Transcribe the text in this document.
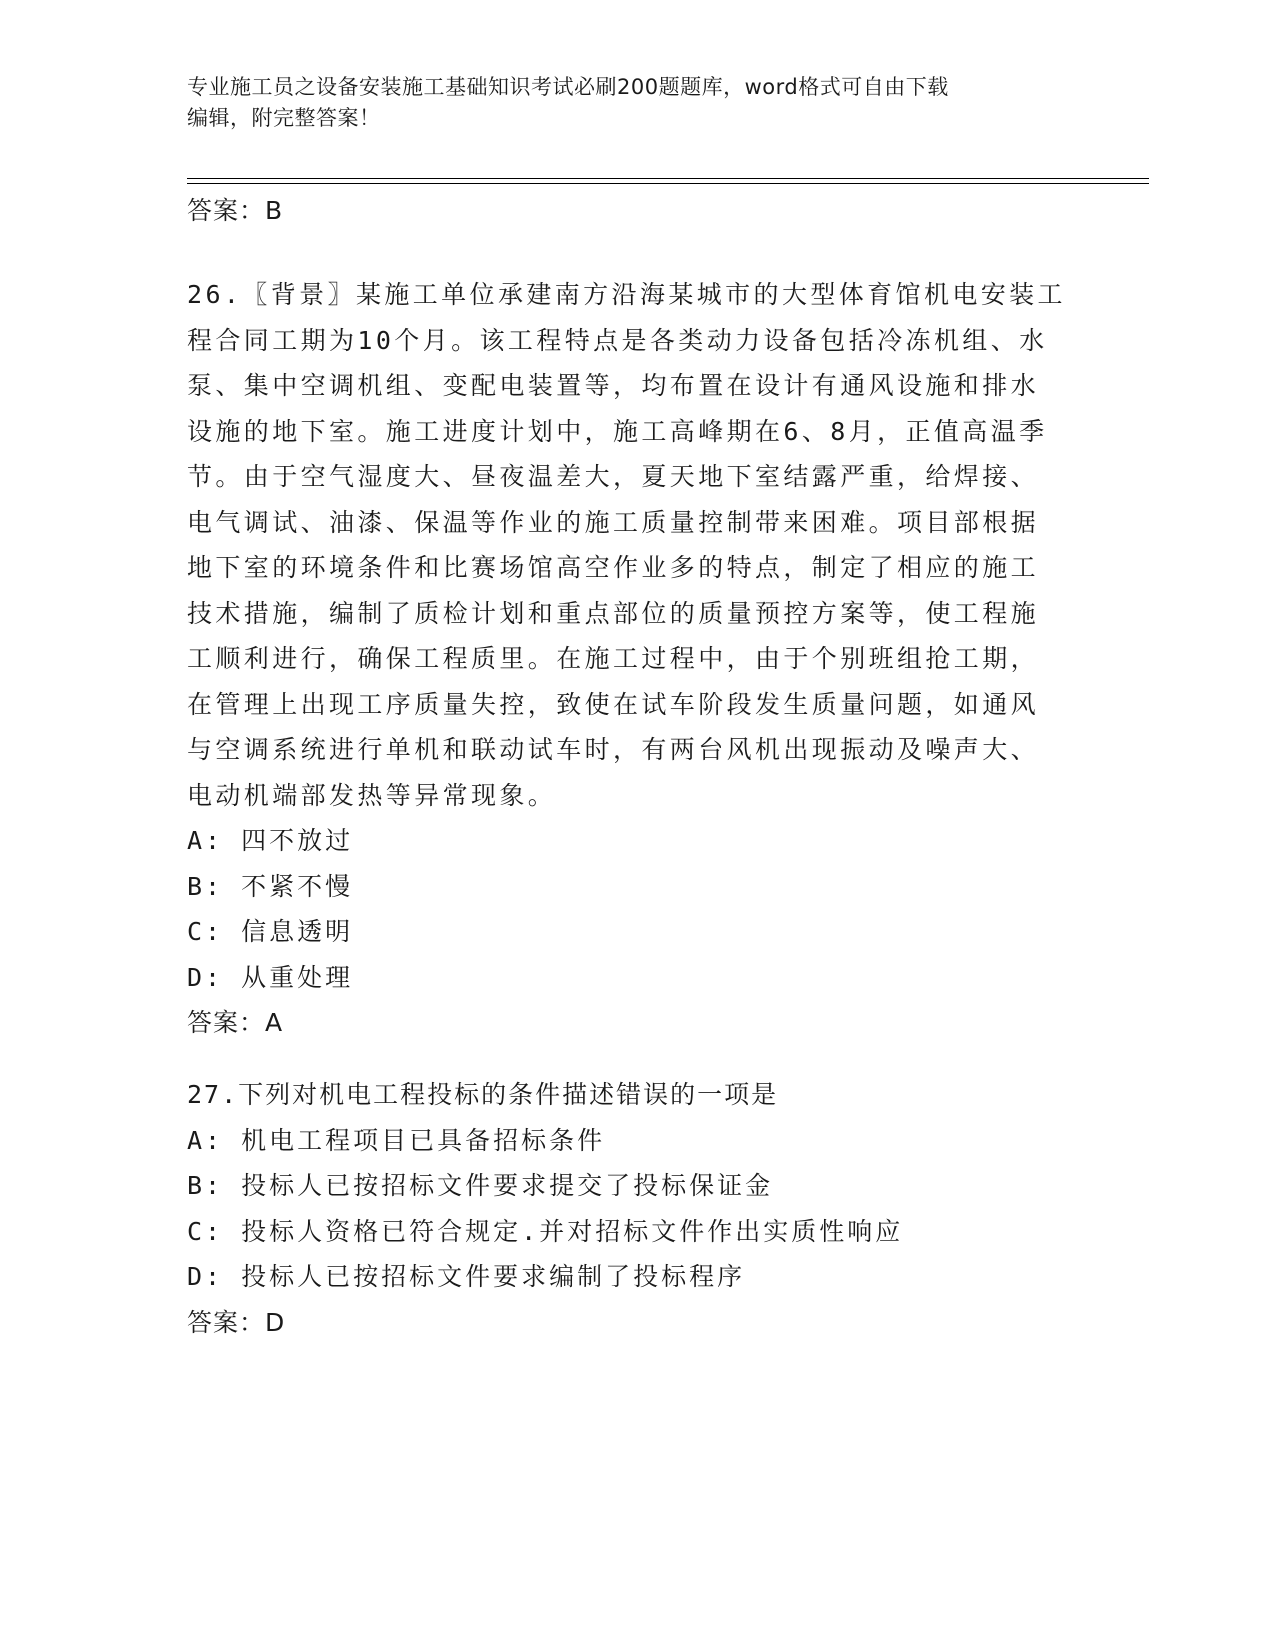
专业施工员之设备安装施工基础知识考试必刷200题题库，word格式可自由下载
编辑，附完整答案！
答案：B
26.〖背景〗某施工单位承建南方沿海某城市的大型体育馆机电安装工
程合同工期为10个月。该工程特点是各类动力设备包括冷冻机组、水
泵、集中空调机组、变配电装置等，均布置在设计有通风设施和排水
设施的地下室。施工进度计划中，施工高峰期在6、8月，正值高温季
节。由于空气湿度大、昼夜温差大，夏天地下室结露严重，给焊接、
电气调试、油漆、保温等作业的施工质量控制带来困难。项目部根据
地下室的环境条件和比赛场馆高空作业多的特点，制定了相应的施工
技术措施，编制了质检计划和重点部位的质量预控方案等，使工程施
工顺利进行，确保工程质里。在施工过程中，由于个别班组抢工期，
在管理上出现工序质量失控，致使在试车阶段发生质量问题，如通风
与空调系统进行单机和联动试车时，有两台风机出现振动及噪声大、
电动机端部发热等异常现象。
A: 四不放过
B: 不紧不慢
C: 信息透明
D: 从重处理
答案：A
27.下列对机电工程投标的条件描述错误的一项是
A: 机电工程项目已具备招标条件
B: 投标人已按招标文件要求提交了投标保证金
C: 投标人资格已符合规定.并对招标文件作出实质性响应
D: 投标人已按招标文件要求编制了投标程序
答案：D
